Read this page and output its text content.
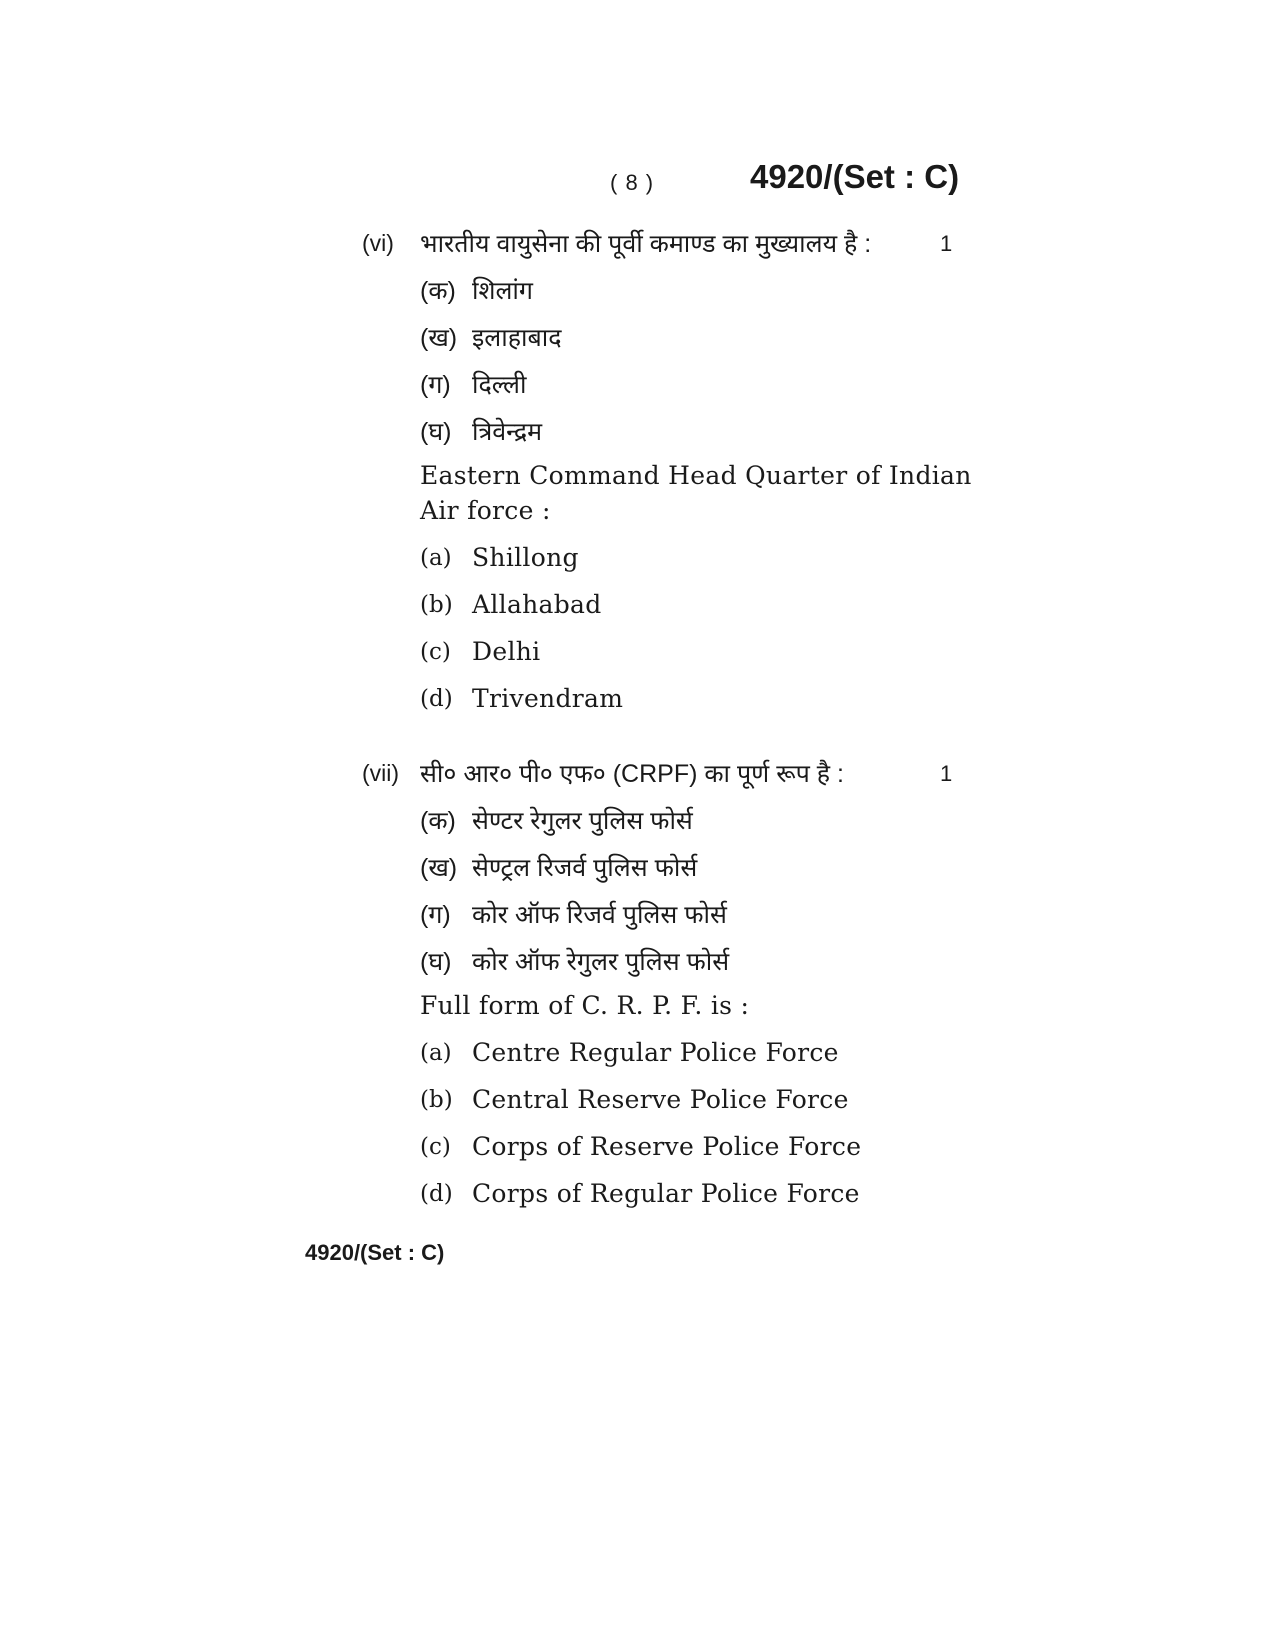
( 8 )	4920/(Set : C)
(vi) भारतीय वायुसेना की पूर्वी कमाण्ड का मुख्यालय है :	1
(क) शिलांग
(ख) इलाहाबाद
(ग) दिल्ली
(घ) त्रिवेन्द्रम
Eastern Command Head Quarter of Indian
Air force :
(a) Shillong
(b) Allahabad
(c) Delhi
(d) Trivendram
(vii) सी० आर० पी० एफ० (CRPF) का पूर्ण रूप है :	1
(क) सेण्टर रेगुलर पुलिस फोर्स
(ख) सेण्ट्रल रिजर्व पुलिस फोर्स
(ग) कोर ऑफ रिजर्व पुलिस फोर्स
(घ) कोर ऑफ रेगुलर पुलिस फोर्स
Full form of C. R. P. F. is :
(a) Centre Regular Police Force
(b) Central Reserve Police Force
(c) Corps of Reserve Police Force
(d) Corps of Regular Police Force
4920/(Set : C)
